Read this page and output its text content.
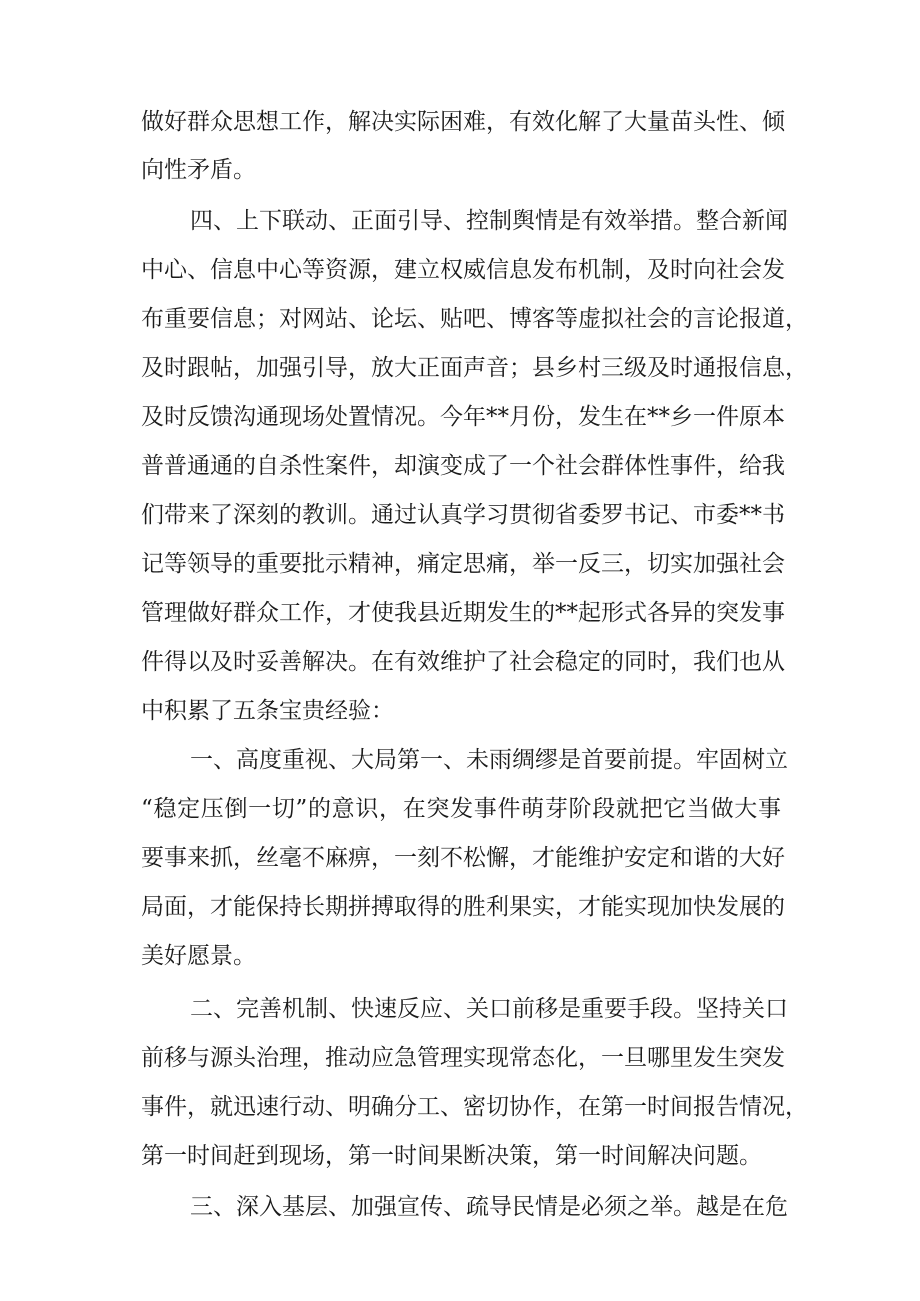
做好群众思想工作，解决实际困难，有效化解了大量苗头性、倾
向性矛盾。
四、上下联动、正面引导、控制舆情是有效举措。整合新闻
中心、信息中心等资源，建立权威信息发布机制，及时向社会发
布重要信息；对网站、论坛、贴吧、博客等虚拟社会的言论报道，
及时跟帖，加强引导，放大正面声音；县乡村三级及时通报信息，
及时反馈沟通现场处置情况。今年**月份，发生在**乡一件原本
普普通通的自杀性案件，却演变成了一个社会群体性事件，给我
们带来了深刻的教训。通过认真学习贯彻省委罗书记、市委**书
记等领导的重要批示精神，痛定思痛，举一反三，切实加强社会
管理做好群众工作，才使我县近期发生的**起形式各异的突发事
件得以及时妥善解决。在有效维护了社会稳定的同时，我们也从
中积累了五条宝贵经验：
一、高度重视、大局第一、未雨绸缪是首要前提。牢固树立
“稳定压倒一切”的意识，在突发事件萌芽阶段就把它当做大事
要事来抓，丝毫不麻痹，一刻不松懈，才能维护安定和谐的大好
局面，才能保持长期拼搏取得的胜利果实，才能实现加快发展的
美好愿景。
二、完善机制、快速反应、关口前移是重要手段。坚持关口
前移与源头治理，推动应急管理实现常态化，一旦哪里发生突发
事件，就迅速行动、明确分工、密切协作，在第一时间报告情况，
第一时间赶到现场，第一时间果断决策，第一时间解决问题。
三、深入基层、加强宣传、疏导民情是必须之举。越是在危
